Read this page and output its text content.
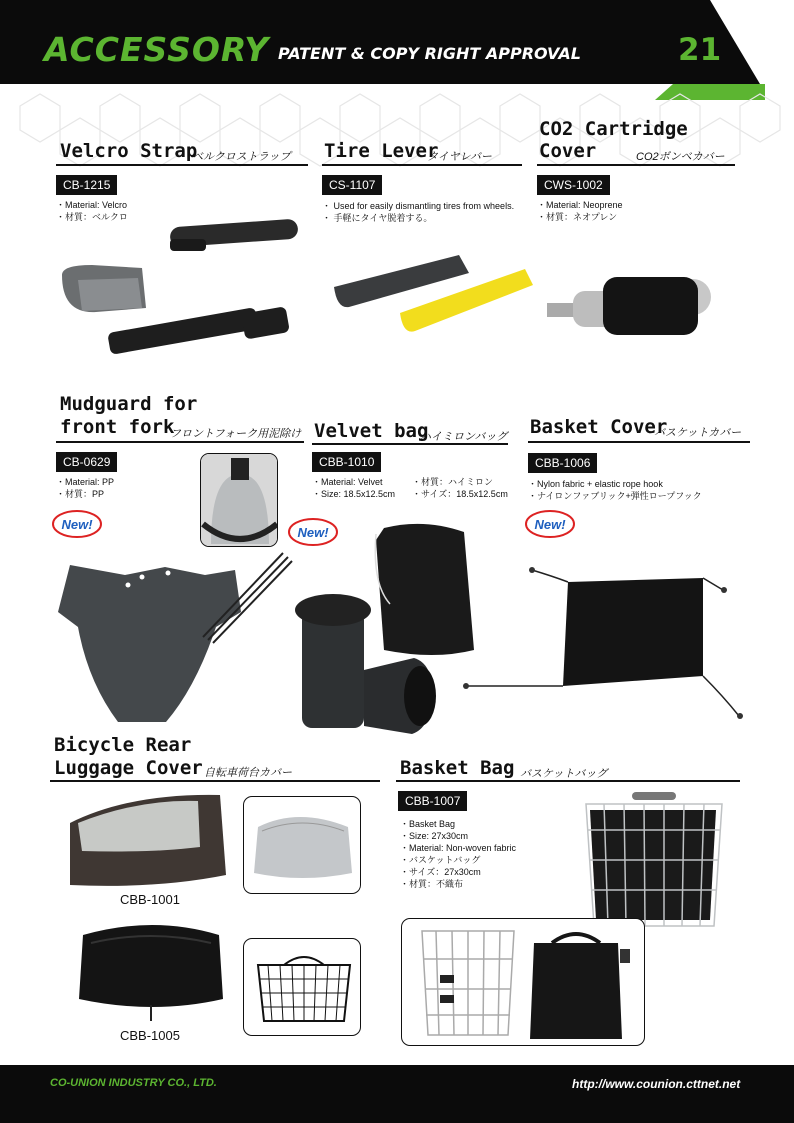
ACCESSORY PATENT & COPY RIGHT APPROVAL	21
Velcro Strap
ベルクロストラップ
CB-1215
・Material: Velcro
・材質：ベルクロ
Tire Lever
タイヤレバー
CS-1107
・ Used for easily dismantling tires from wheels.
・ 手軽にタイヤ脱着する。
CO2 Cartridge
Cover	CO2ボンベカバー
CWS-1002
・Material: Neoprene
・材質：ネオプレン
Mudguard for
front fork
フロントフォーク用泥除け
CB-0629
・Material: PP
・材質：PP
New!
Velvet bag
ハイミロンバッグ
CBB-1010
・Material: Velvet
・Size: 18.5x12.5cm
・材質：ハイミロン
・サイズ：18.5x12.5cm
New!
Basket Cover
バスケットカバー
CBB-1006
・Nylon fabric + elastic rope hook
・ナイロンファブリック+弾性ロープフック
New!
Bicycle Rear
Luggage Cover 自転車荷台カバー
CBB-1001
CBB-1005
Basket Bag バスケットバッグ
CBB-1007
・Basket Bag
・Size: 27x30cm
・Material: Non-woven fabric
・バスケットバッグ
・サイズ：27x30cm
・材質：不織布
CO-UNION INDUSTRY CO., LTD.	http://www.counion.cttnet.net
